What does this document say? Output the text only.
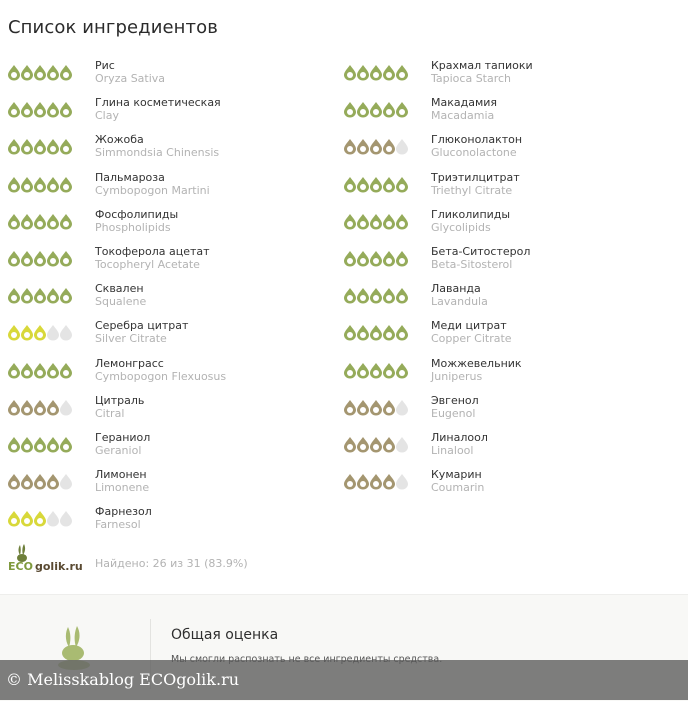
Список ингредиентов
Рис
Oryza Sativa
Глина косметическая
Clay
Жожоба
Simmondsia Chinensis
Пальмароза
Cymbopogon Martini
Фосфолипиды
Phospholipids
Токоферола ацетат
Tocopheryl Acetate
Сквален
Squalene
Серебра цитрат
Silver Citrate
Лемонграсс
Cymbopogon Flexuosus
Цитраль
Citral
Гераниол
Geraniol
Лимонен
Limonene
Фарнезол
Farnesol
Крахмал тапиоки
Tapioca Starch
Макадамия
Macadamia
Глюконолактон
Gluconolactone
Триэтилцитрат
Triethyl Citrate
Гликолипиды
Glycolipids
Бета-Ситостерол
Beta-Sitosterol
Лаванда
Lavandula
Меди цитрат
Copper Citrate
Можжевельник
Juniperus
Эвгенол
Eugenol
Линалоол
Linalool
Кумарин
Coumarin
ECO golik.ru Найдено: 26 из 31 (83.9%)
Общая оценка
© Melisskablog ECOgolik.ru
